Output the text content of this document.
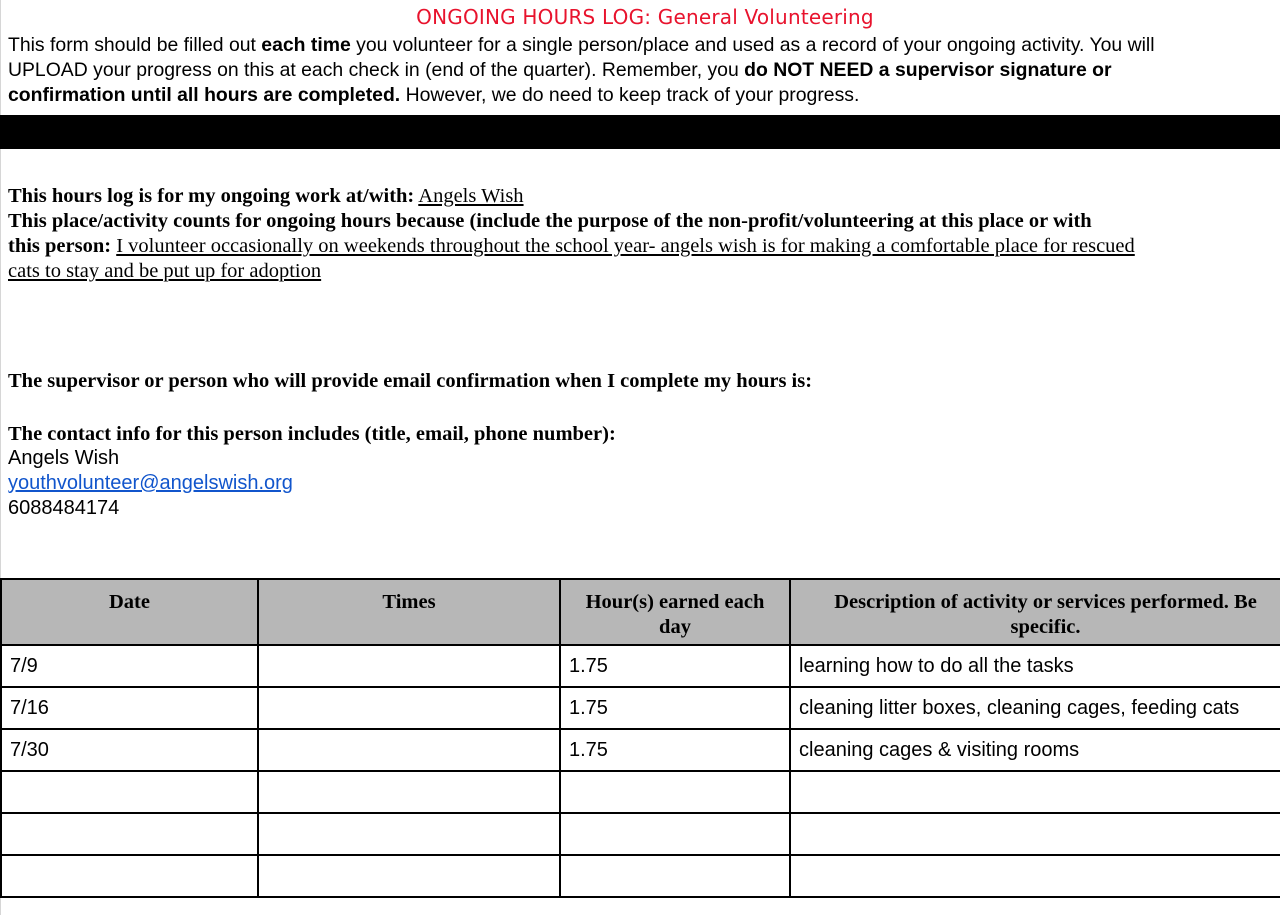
ONGOING HOURS LOG: General Volunteering
This form should be filled out each time you volunteer for a single person/place and used as a record of your ongoing activity. You will
UPLOAD your progress on this at each check in (end of the quarter). Remember, you do NOT NEED a supervisor signature or
confirmation until all hours are completed. However, we do need to keep track of your progress.
This hours log is for my ongoing work at/with: Angels Wish
This place/activity counts for ongoing hours because (include the purpose of the non-profit/volunteering at this place or with
this person: I volunteer occasionally on weekends throughout the school year- angels wish is for making a comfortable place for rescued
cats to stay and be put up for adoption
The supervisor or person who will provide email confirmation when I complete my hours is:
The contact info for this person includes (title, email, phone number):
Angels Wish
youthvolunteer@angelswish.org
6088484174
Date	Times	Hour(s) earned each day	Description of activity or services performed. Be specific.
7/9		1.75	learning how to do all the tasks
7/16		1.75	cleaning litter boxes, cleaning cages, feeding cats
7/30		1.75	cleaning cages & visiting rooms
